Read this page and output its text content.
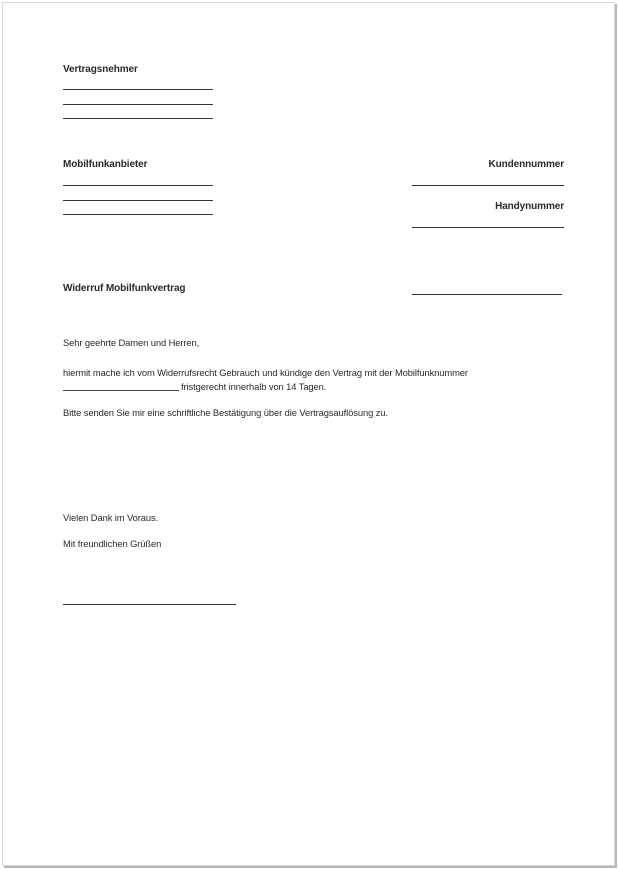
Vertragsnehmer
Mobilfunkanbieter	Kundennummer
Handynummer
Widerruf Mobilfunkvertrag
Sehr geehrte Damen und Herren,
hiermit mache ich vom Widerrufsrecht Gebrauch und kündige den Vertrag mit der Mobilfunknummer
fristgerecht innerhalb von 14 Tagen.
Bitte senden Sie mir eine schriftliche Bestätigung über die Vertragsauflösung zu.
Vielen Dank im Voraus.
Mit freundlichen Grüßen
